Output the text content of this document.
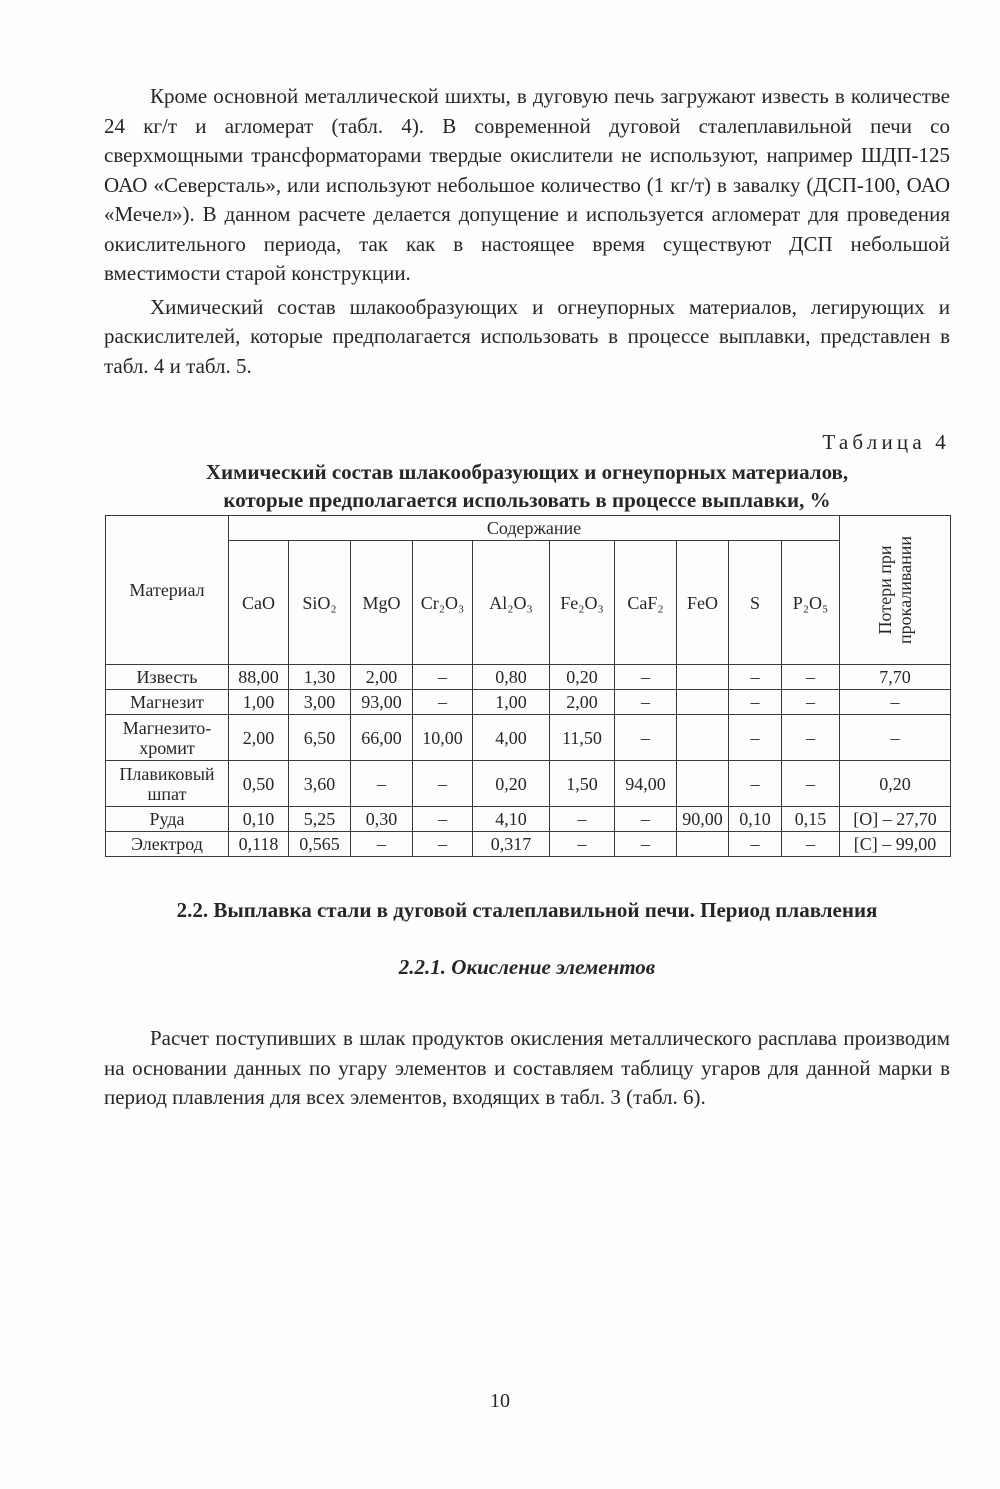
Кроме основной металлической шихты, в дуговую печь загружают известь в количестве 24 кг/т и агломерат (табл. 4). В современной дуговой сталеплавильной печи со сверхмощными трансформаторами твердые окислители не используют, например ШДП-125 ОАО «Северсталь», или используют небольшое количество (1 кг/т) в завалку (ДСП-100, ОАО «Мечел»). В данном расчете делается допущение и используется агломерат для проведения окислительного периода, так как в настоящее время существуют ДСП небольшой вместимости старой конструкции.

Химический состав шлакообразующих и огнеупорных материалов, легирующих и раскислителей, которые предполагается использовать в процессе выплавки, представлен в табл. 4 и табл. 5.

Таблица 4
Химический состав шлакообразующих и огнеупорных материалов,
которые предполагается использовать в процессе выплавки, %
Материал	Содержание										Потери при прокаливании

	CaO	SiO₂	MgO	Cr₂O₃	Al₂O₃	Fe₂O₃	CaF₂	FeO	S	P₂O₅	
Известь	88,00	1,30	2,00	–	0,80	0,20	–		–	–	7,70
Магнезит	1,00	3,00	93,00	–	1,00	2,00	–		–	–	–
Магнезито-хромит	2,00	6,50	66,00	10,00	4,00	11,50	–		–	–	–
Плавиковый шпат	0,50	3,60	–	–	0,20	1,50	94,00		–	–	0,20
Руда	0,10	5,25	0,30	–	4,10	–	–	90,00	0,10	0,15	[O] – 27,70
Электрод	0,118	0,565	–	–	0,317	–	–		–	–	[C] – 99,00
2.2. Выплавка стали в дуговой сталеплавильной печи. Период плавления
2.2.1. Окисление элементов

Расчет поступивших в шлак продуктов окисления металлического расплава производим на основании данных по угару элементов и составляем таблицу угаров для данной марки в период плавления для всех элементов, входящих в табл. 3 (табл. 6).

10
